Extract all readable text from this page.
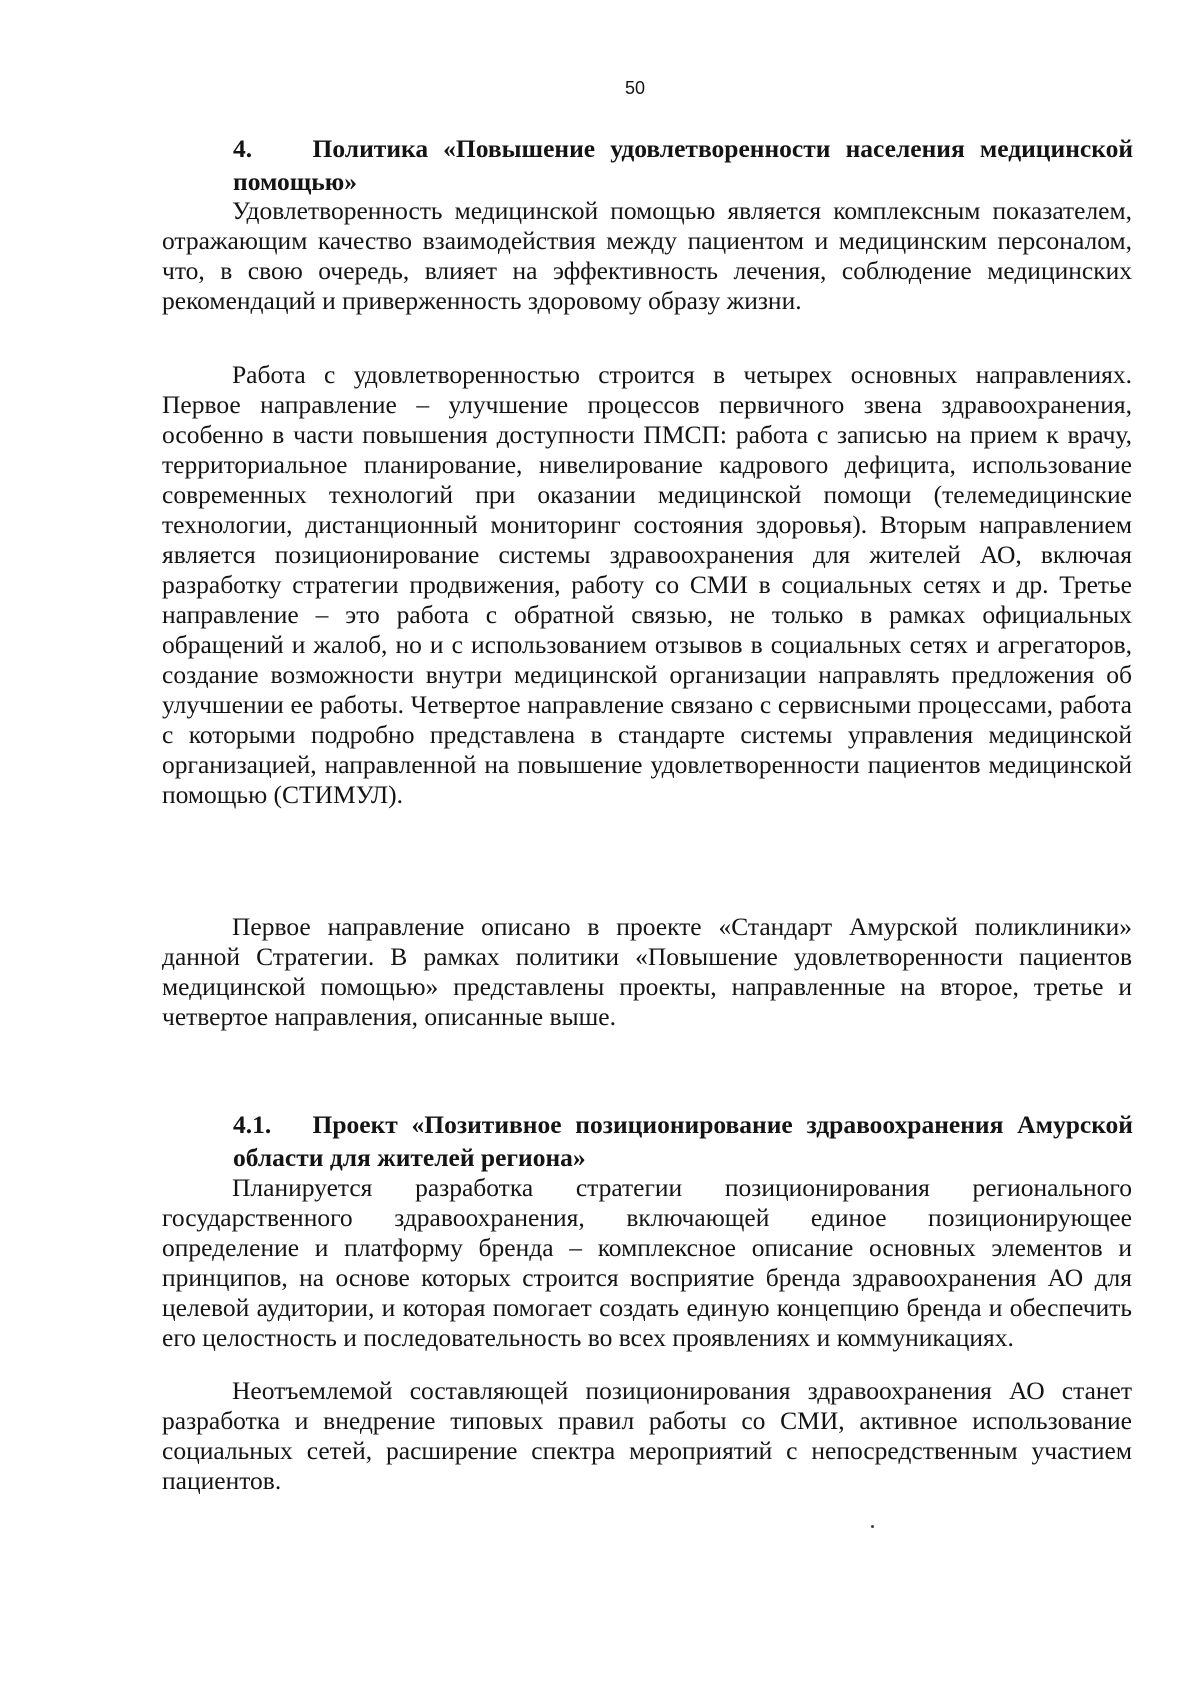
50
4. Политика «Повышение удовлетворенности населения медицинской помощью»

Удовлетворенность медицинской помощью является комплексным показателем, отражающим качество взаимодействия между пациентом и медицинским персоналом, что, в свою очередь, влияет на эффективность лечения, соблюдение медицинских рекомендаций и приверженность здоровому образу жизни.

Работа с удовлетворенностью строится в четырех основных направлениях. Первое направление – улучшение процессов первичного звена здравоохранения, особенно в части повышения доступности ПМСП: работа с записью на прием к врачу, территориальное планирование, нивелирование кадрового дефицита, использование современных технологий при оказании медицинской помощи (телемедицинские технологии, дистанционный мониторинг состояния здоровья). Вторым направлением является позиционирование системы здравоохранения для жителей АО, включая разработку стратегии продвижения, работу со СМИ в социальных сетях и др. Третье направление – это работа с обратной связью, не только в рамках официальных обращений и жалоб, но и с использованием отзывов в социальных сетях и агрегаторов, создание возможности внутри медицинской организации направлять предложения об улучшении ее работы. Четвертое направление связано с сервисными процессами, работа с которыми подробно представлена в стандарте системы управления медицинской организацией, направленной на повышение удовлетворенности пациентов медицинской помощью (СТИМУЛ).

Первое направление описано в проекте «Стандарт Амурской поликлиники» данной Стратегии. В рамках политики «Повышение удовлетворенности пациентов медицинской помощью» представлены проекты, направленные на второе, третье и четвертое направления, описанные выше.

4.1. Проект «Позитивное позиционирование здравоохранения Амурской области для жителей региона»

Планируется разработка стратегии позиционирования регионального государственного здравоохранения, включающей единое позиционирующее определение и платформу бренда – комплексное описание основных элементов и принципов, на основе которых строится восприятие бренда здравоохранения АО для целевой аудитории, и которая помогает создать единую концепцию бренда и обеспечить его целостность и последовательность во всех проявлениях и коммуникациях.

Неотъемлемой составляющей позиционирования здравоохранения АО станет разработка и внедрение типовых правил работы со СМИ, активное использование социальных сетей, расширение спектра мероприятий с непосредственным участием пациентов.
